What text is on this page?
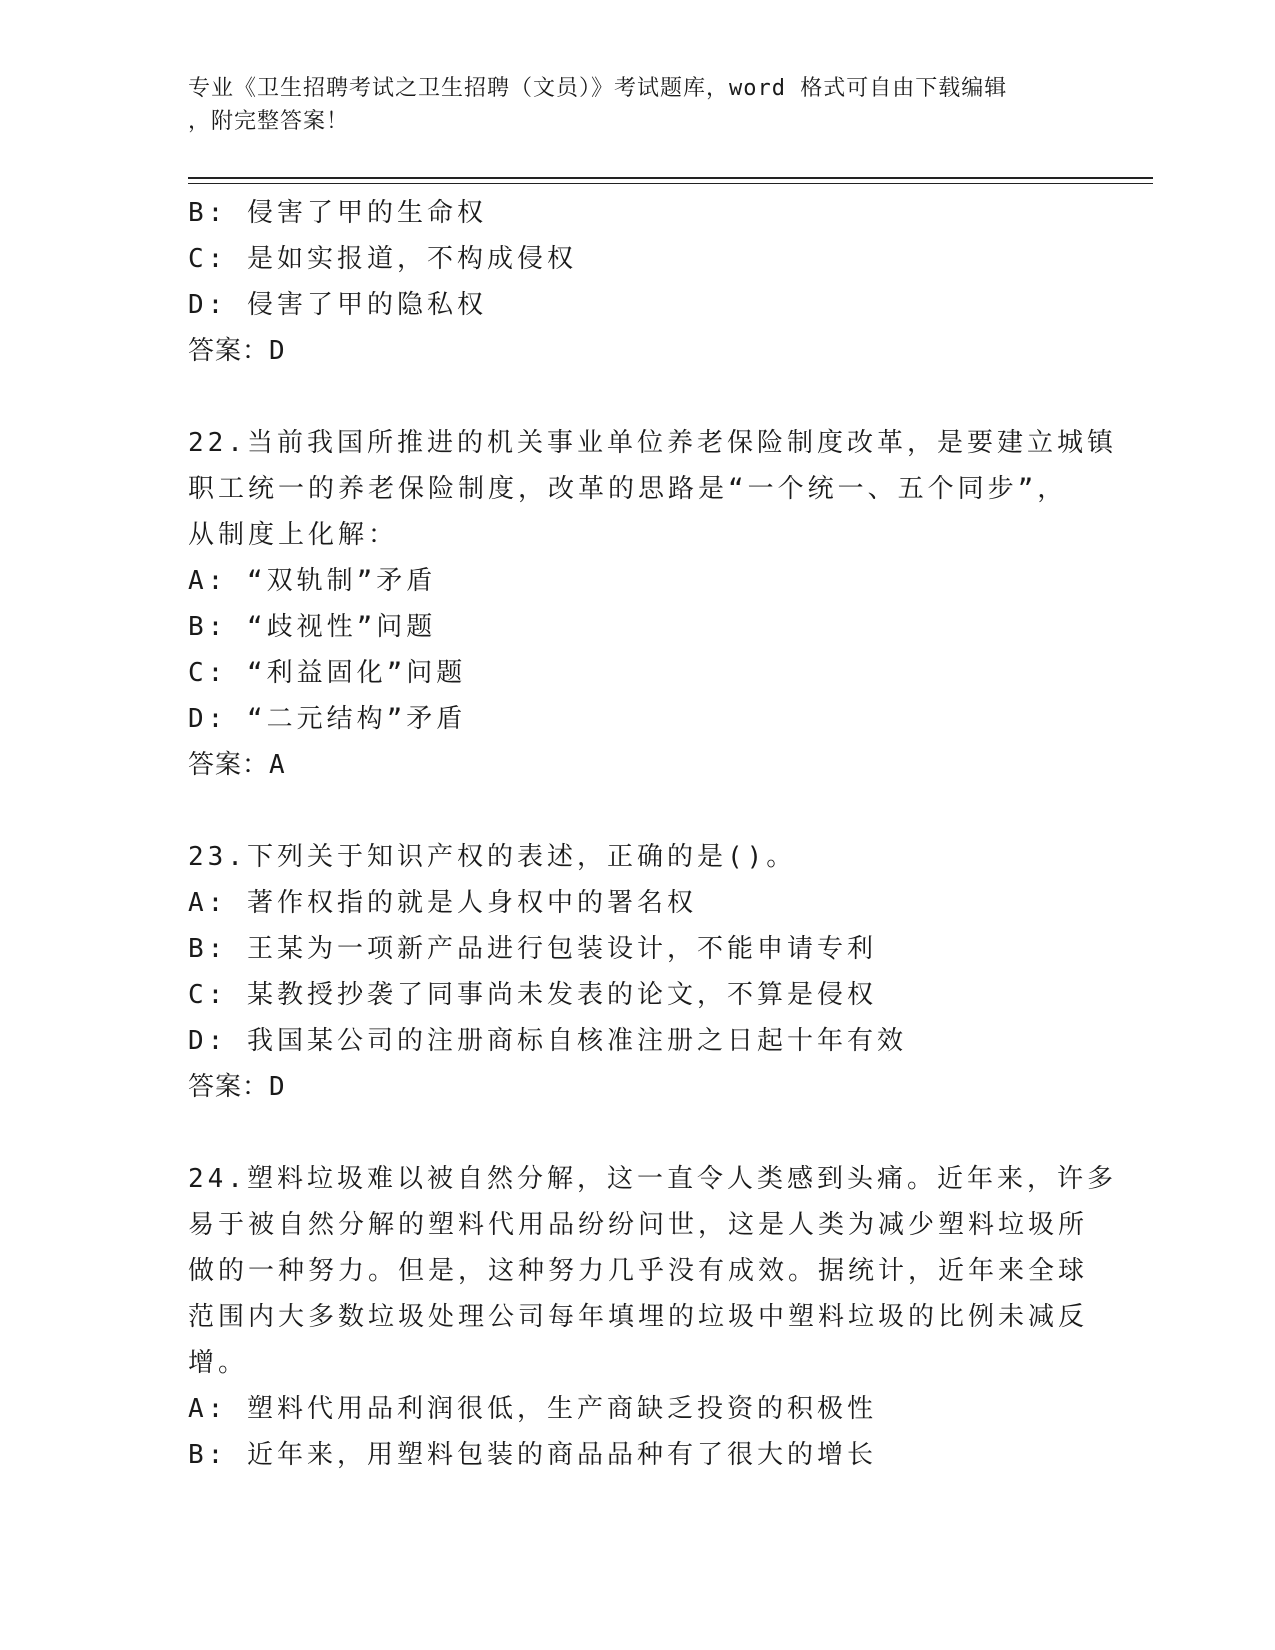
专业《卫生招聘考试之卫生招聘（文员）》考试题库，word 格式可自由下载编辑
，附完整答案！
B: 侵害了甲的生命权
C: 是如实报道，不构成侵权
D: 侵害了甲的隐私权
答案：D
22.当前我国所推进的机关事业单位养老保险制度改革，是要建立城镇
职工统一的养老保险制度，改革的思路是“一个统一、五个同步”，
从制度上化解：
A: “双轨制”矛盾
B: “歧视性”问题
C: “利益固化”问题
D: “二元结构”矛盾
答案：A
23.下列关于知识产权的表述，正确的是()。
A: 著作权指的就是人身权中的署名权
B: 王某为一项新产品进行包装设计，不能申请专利
C: 某教授抄袭了同事尚未发表的论文，不算是侵权
D: 我国某公司的注册商标自核准注册之日起十年有效
答案：D
24.塑料垃圾难以被自然分解，这一直令人类感到头痛。近年来，许多
易于被自然分解的塑料代用品纷纷问世，这是人类为减少塑料垃圾所
做的一种努力。但是，这种努力几乎没有成效。据统计，近年来全球
范围内大多数垃圾处理公司每年填埋的垃圾中塑料垃圾的比例未减反
增。
A: 塑料代用品利润很低，生产商缺乏投资的积极性
B: 近年来，用塑料包装的商品品种有了很大的增长
